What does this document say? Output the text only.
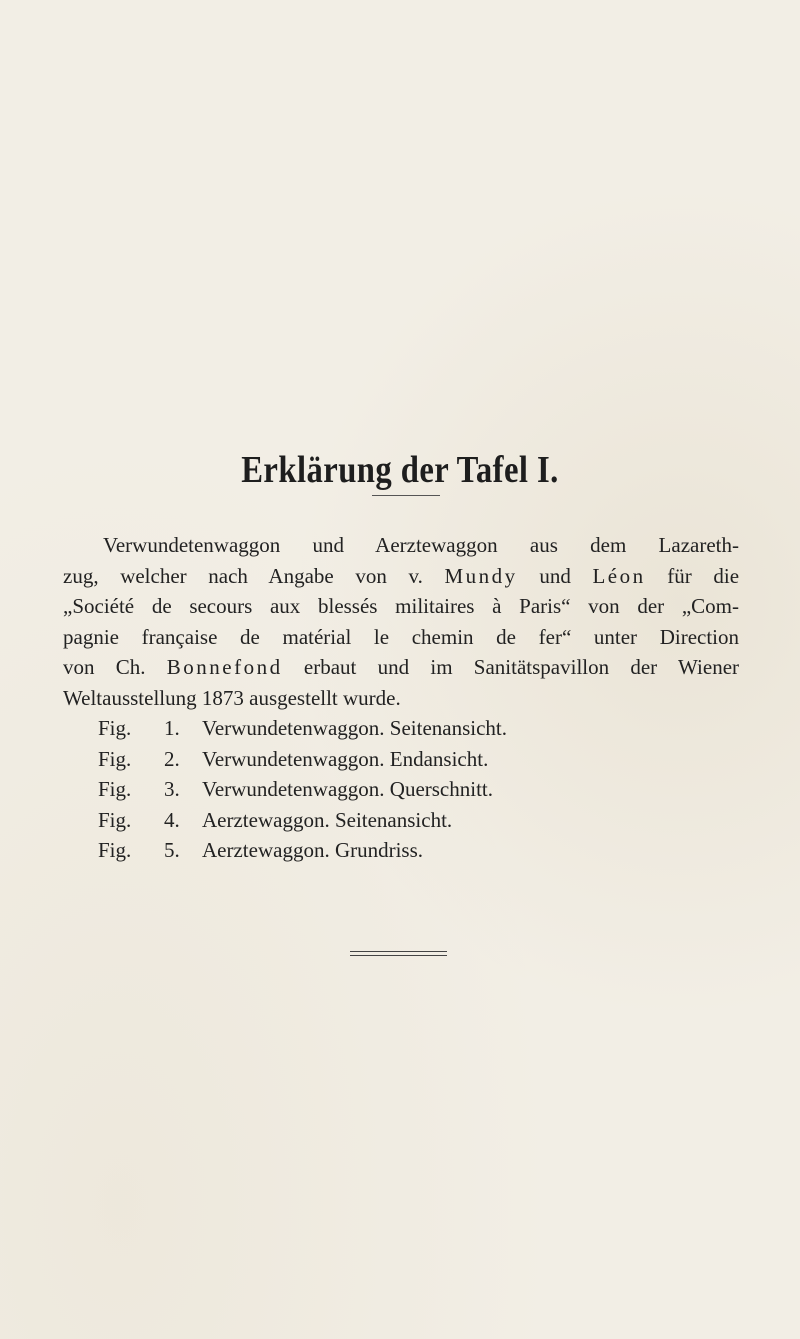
Erklärung der Tafel I.
Verwundetenwaggon und Aerztewaggon aus dem Lazareth-
zug, welcher nach Angabe von v. Mundy und Léon für die
„Société de secours aux blessés militaires à Paris“ von der „Com-
pagnie française de matérial le chemin de fer“ unter Direction
von Ch. Bonnefond erbaut und im Sanitätspavillon der Wiener
Weltausstellung 1873 ausgestellt wurde.
Fig.	1.	Verwundetenwaggon. Seitenansicht.
Fig.	2.	Verwundetenwaggon. Endansicht.
Fig.	3.	Verwundetenwaggon. Querschnitt.
Fig.	4.	Aerztewaggon. Seitenansicht.
Fig.	5.	Aerztewaggon. Grundriss.
